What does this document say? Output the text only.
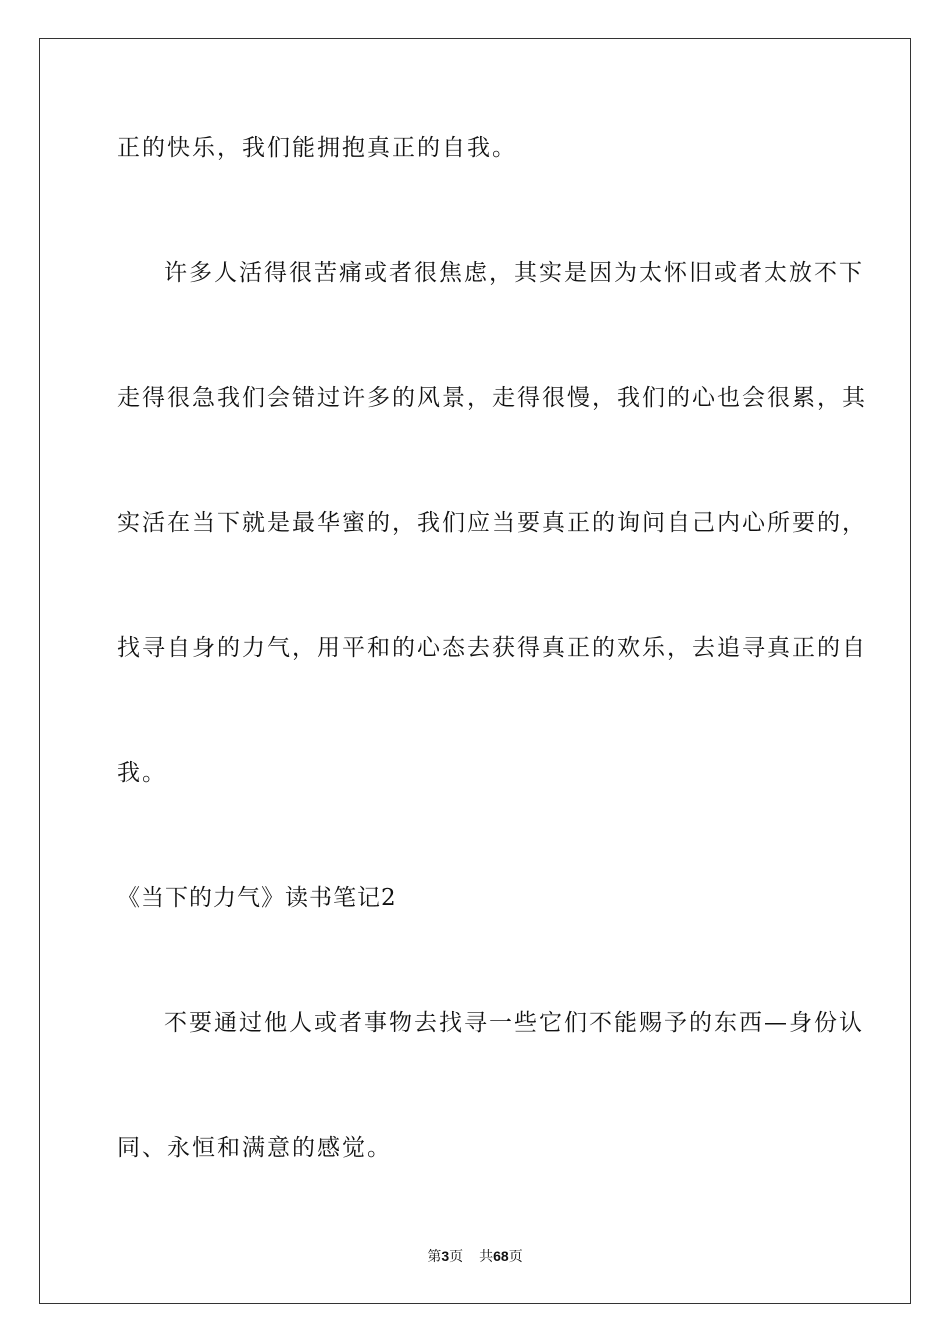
正的快乐，我们能拥抱真正的自我。
许多人活得很苦痛或者很焦虑，其实是因为太怀旧或者太放不下
走得很急我们会错过许多的风景，走得很慢，我们的心也会很累，其
实活在当下就是最华蜜的，我们应当要真正的询问自己内心所要的，
找寻自身的力气，用平和的心态去获得真正的欢乐，去追寻真正的自
我。
《当下的力气》读书笔记2
不要通过他人或者事物去找寻一些它们不能赐予的东西—身份认
同、永恒和满意的感觉。
第3页 共68页
